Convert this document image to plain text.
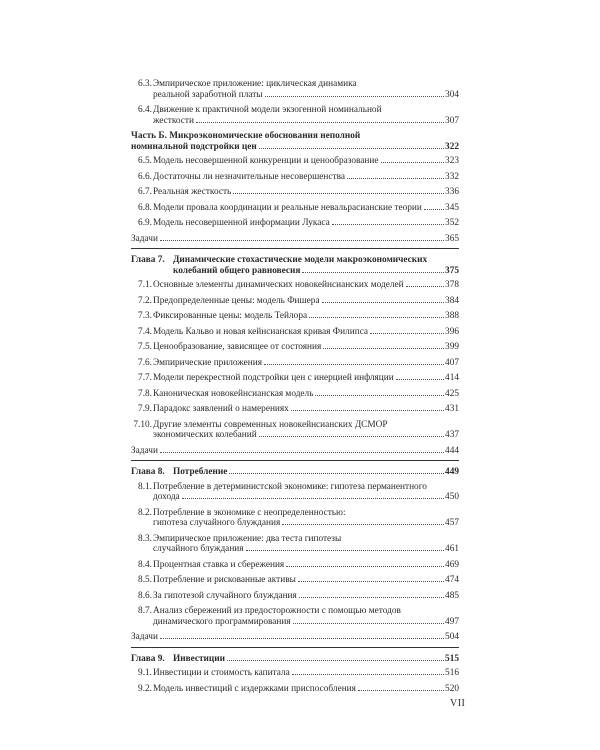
6.3. Эмпирическое приложение: циклическая динамика
реальной заработной платы	304
6.4. Движение к практичной модели экзогенной номинальной
жесткости	307
Часть Б. Микроэкономические обоснования неполной
номинальной подстройки цен	322
6.5. Модель несовершенной конкуренции и ценообразование	323
6.6. Достаточны ли незначительные несовершенства	332
6.7. Реальная жесткость	336
6.8. Модели провала координации и реальные невальрасианские теории 345
6.9. Модель несовершенной информации Лукаса	352
Задачи	365
Глава 7. Динамические стохастические модели макроэкономических
колебаний общего равновесия	375
7.1. Основные элементы динамических новокейнсианских моделей	378
7.2. Предопределенные цены: модель Фишера	384
7.3. Фиксированные цены: модель Тейлора	388
7.4. Модель Кальво и новая кейнсианская кривая Филипса	396
7.5. Ценообразование, зависящее от состояния	399
7.6. Эмпирические приложения	407
7.7. Модели перекрестной подстройки цен с инерцией инфляции	414
7.8. Каноническая новокейнсианская модель	425
7.9. Парадокс заявлений о намерениях	431
7.10. Другие элементы современных новокейнсианских ДСМОР
экономических колебаний	437
Задачи	444
Глава 8. Потребление	449
8.1. Потребление в детерминистской экономике: гипотеза перманентного
дохода	450
8.2. Потребление в экономике с неопределенностью:
гипотеза случайного блуждания	457
8.3. Эмпирическое приложение: два теста гипотезы
случайного блуждания	461
8.4. Процентная ставка и сбережения	469
8.5. Потребление и рискованные активы	474
8.6. За гипотезой случайного блуждания	485
8.7. Анализ сбережений из предосторожности с помощью методов
динамического программирования	497
Задачи	504
Глава 9. Инвестиции	515
9.1. Инвестиции и стоимость капитала	516
9.2. Модель инвестиций с издержками приспособления	520
VII
